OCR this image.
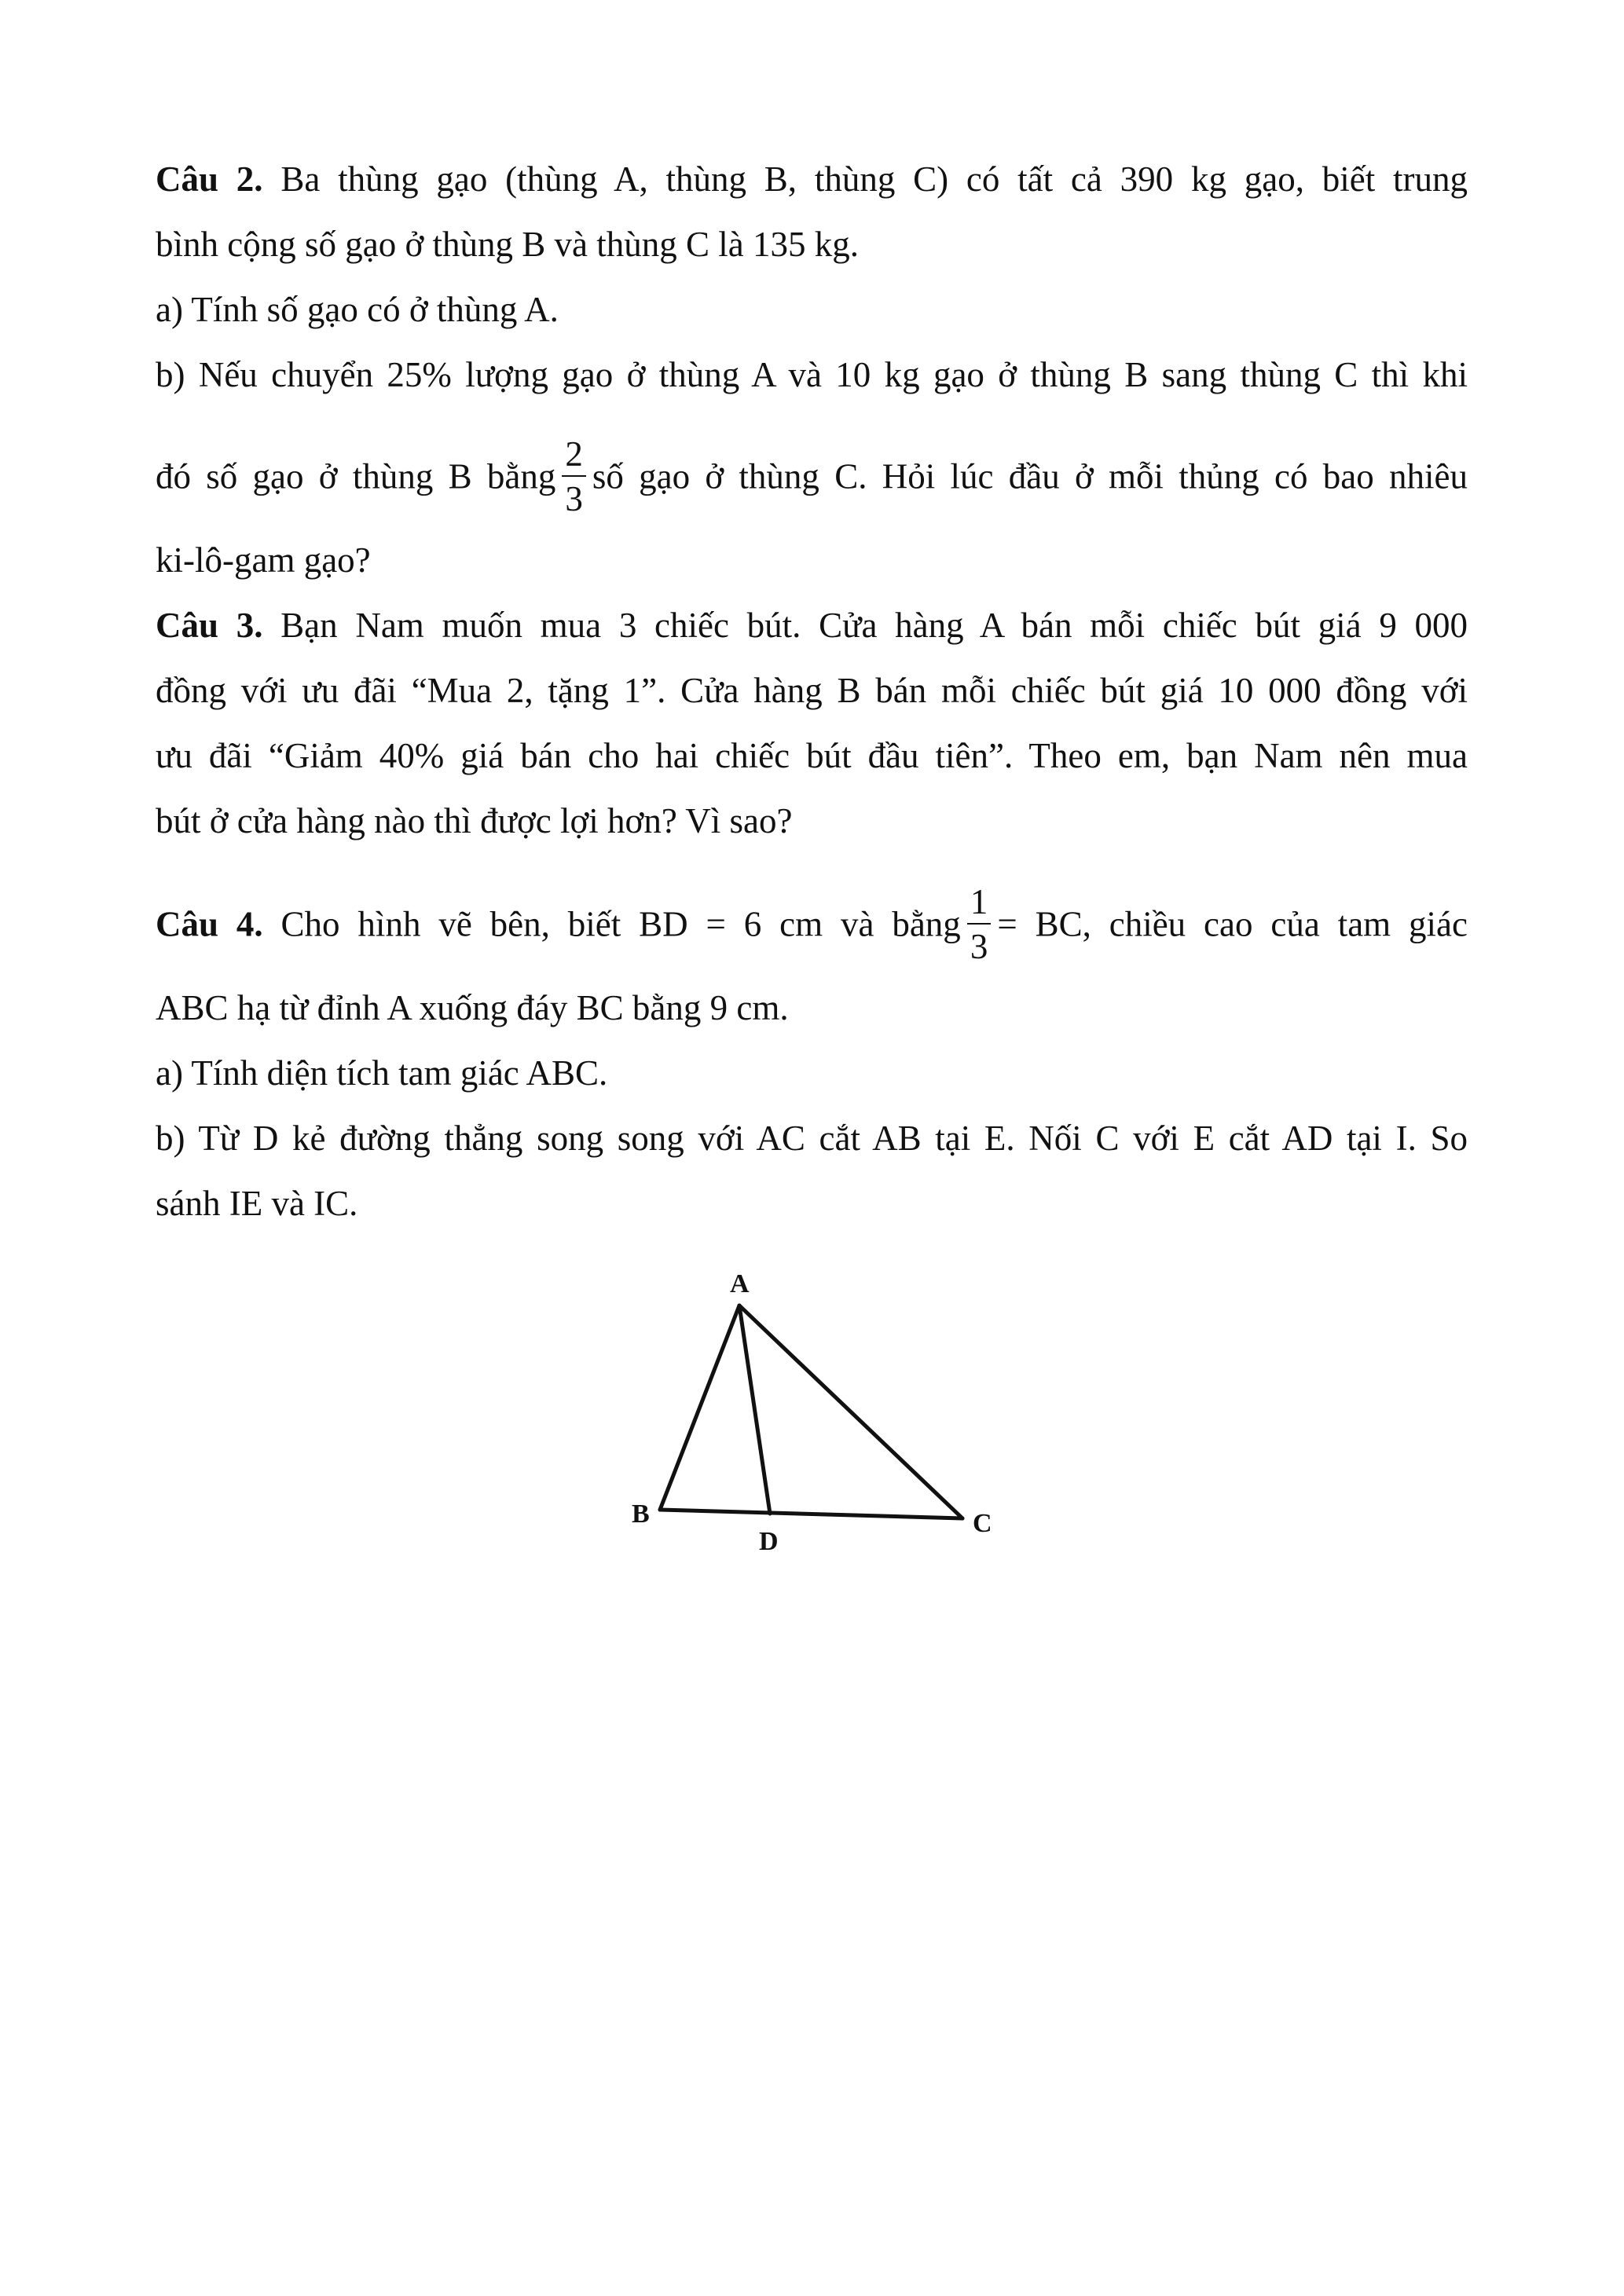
Câu 2. Ba thùng gạo (thùng A, thùng B, thùng C) có tất cả 390 kg gạo, biết trung
bình cộng số gạo ở thùng B và thùng C là 135 kg.
a) Tính số gạo có ở thùng A.
b) Nếu chuyển 25% lượng gạo ở thùng A và 10 kg gạo ở thùng B sang thùng C thì khi
đó số gạo ở thùng B bằng $\frac{2}{3}$ số gạo ở thùng C. Hỏi lúc đầu ở mỗi thủng có bao nhiêu
ki-lô-gam gạo?
Câu 3. Bạn Nam muốn mua 3 chiếc bút. Cửa hàng A bán mỗi chiếc bút giá 9 000
đồng với ưu đãi “Mua 2, tặng 1”. Cửa hàng B bán mỗi chiếc bút giá 10 000 đồng với
ưu đãi “Giảm 40% giá bán cho hai chiếc bút đầu tiên”. Theo em, bạn Nam nên mua
bút ở cửa hàng nào thì được lợi hơn? Vì sao?
Câu 4. Cho hình vẽ bên, biết BD = 6 cm và bằng $\frac{1}{3}$ = BC, chiều cao của tam giác
ABC hạ từ đỉnh A xuống đáy BC bằng 9 cm.
a) Tính diện tích tam giác ABC.
b) Từ D kẻ đường thẳng song song với AC cắt AB tại E. Nối C với E cắt AD tại I. So
sánh IE và IC.
A
B	C
D
